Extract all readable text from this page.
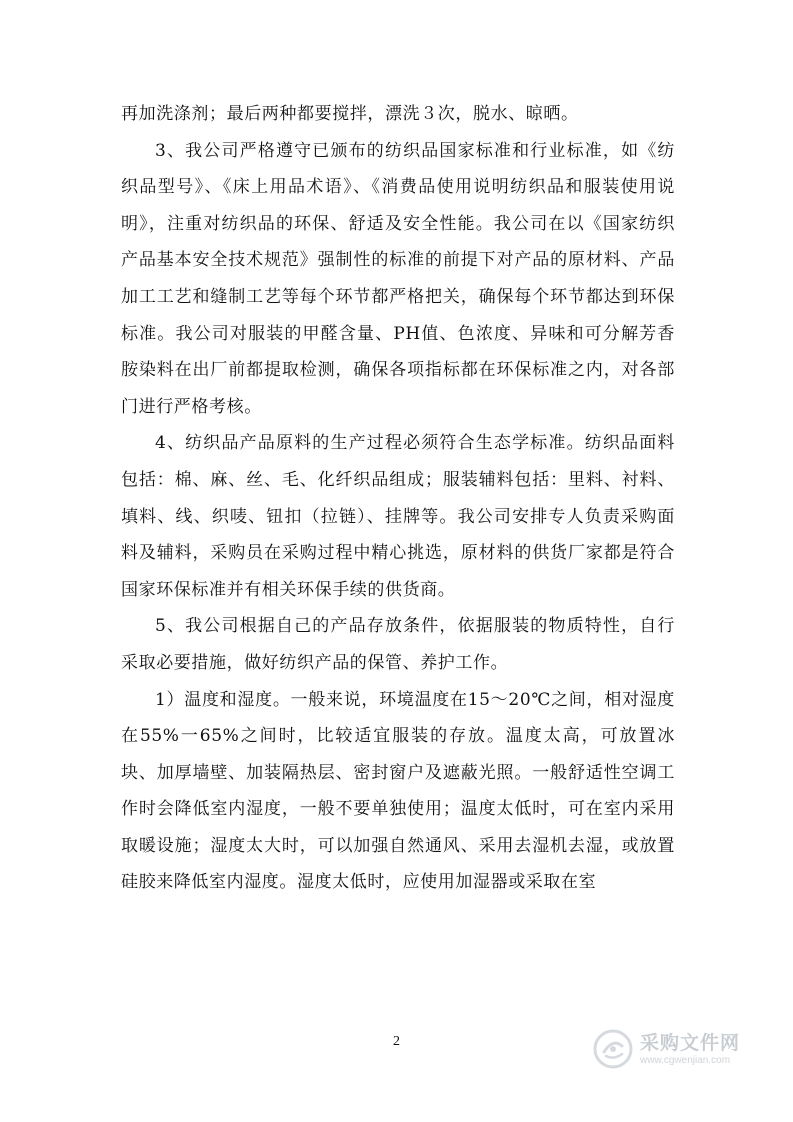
再加洗涤剂；最后两种都要搅拌，漂洗３次，脱水、晾晒。

3、我公司严格遵守已颁布的纺织品国家标准和行业标准，如《纺织品型号》、《床上用品术语》、《消费品使用说明纺织品和服装使用说明》，注重对纺织品的环保、舒适及安全性能。我公司在以《国家纺织产品基本安全技术规范》强制性的标准的前提下对产品的原材料、产品加工工艺和缝制工艺等每个环节都严格把关，确保每个环节都达到环保标准。我公司对服装的甲醛含量、PH值、色浓度、异味和可分解芳香胺染料在出厂前都提取检测，确保各项指标都在环保标准之内，对各部门进行严格考核。

4、纺织品产品原料的生产过程必须符合生态学标准。纺织品面料包括：棉、麻、丝、毛、化纤织品组成；服装辅料包括：里料、衬料、填料、线、织唛、钮扣（拉链）、挂牌等。我公司安排专人负责采购面料及辅料，采购员在采购过程中精心挑选，原材料的供货厂家都是符合国家环保标准并有相关环保手续的供货商。

5、我公司根据自己的产品存放条件，依据服装的物质特性，自行采取必要措施，做好纺织产品的保管、养护工作。

1）温度和湿度。一般来说，环境温度在15～20℃之间，相对湿度在55%一65%之间时，比较适宜服装的存放。温度太高，可放置冰块、加厚墙壁、加装隔热层、密封窗户及遮蔽光照。一般舒适性空调工作时会降低室内湿度，一般不要单独使用；温度太低时，可在室内采用取暖设施；湿度太大时，可以加强自然通风、采用去湿机去湿，或放置硅胶来降低室内湿度。湿度太低时，应使用加湿器或采取在室

2	采购文件网
www.cgwenjian.com
